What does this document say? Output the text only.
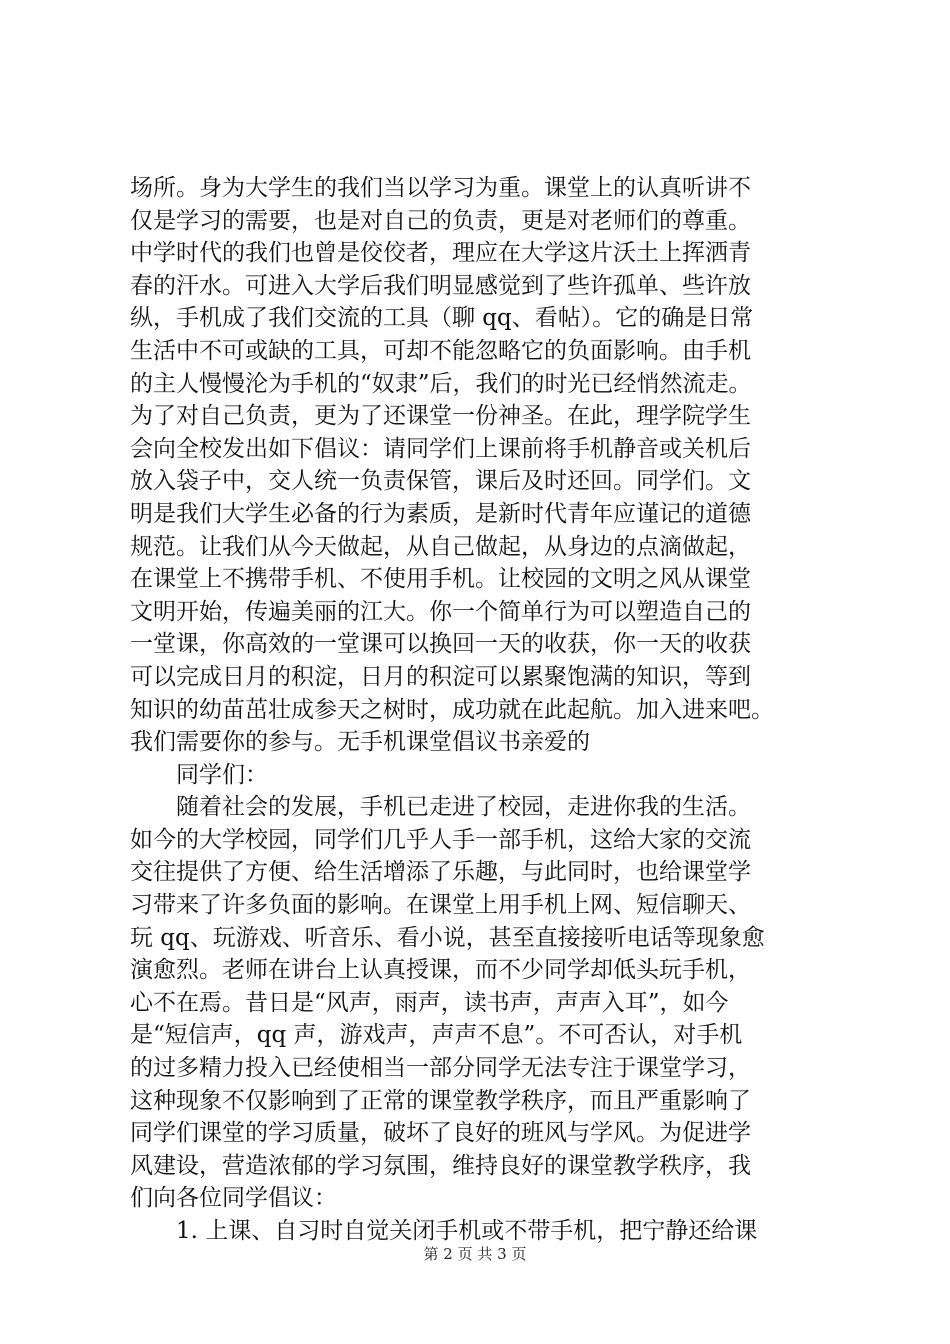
场所。身为大学生的我们当以学习为重。课堂上的认真听讲不
仅是学习的需要，也是对自己的负责，更是对老师们的尊重。
中学时代的我们也曾是佼佼者，理应在大学这片沃土上挥洒青
春的汗水。可进入大学后我们明显感觉到了些许孤单、些许放
纵，手机成了我们交流的工具（聊 qq、看帖）。它的确是日常
生活中不可或缺的工具，可却不能忽略它的负面影响。由手机
的主人慢慢沦为手机的“奴隶”后，我们的时光已经悄然流走。
为了对自己负责，更为了还课堂一份神圣。在此，理学院学生
会向全校发出如下倡议：请同学们上课前将手机静音或关机后
放入袋子中，交人统一负责保管，课后及时还回。同学们。文
明是我们大学生必备的行为素质，是新时代青年应谨记的道德
规范。让我们从今天做起，从自己做起，从身边的点滴做起，
在课堂上不携带手机、不使用手机。让校园的文明之风从课堂
文明开始，传遍美丽的江大。你一个简单行为可以塑造自己的
一堂课，你高效的一堂课可以换回一天的收获，你一天的收获
可以完成日月的积淀，日月的积淀可以累聚饱满的知识，等到
知识的幼苗茁壮成参天之树时，成功就在此起航。加入进来吧。
我们需要你的参与。无手机课堂倡议书亲爱的
同学们：
随着社会的发展，手机已走进了校园，走进你我的生活。
如今的大学校园，同学们几乎人手一部手机，这给大家的交流
交往提供了方便、给生活增添了乐趣，与此同时，也给课堂学
习带来了许多负面的影响。在课堂上用手机上网、短信聊天、
玩 qq、玩游戏、听音乐、看小说，甚至直接接听电话等现象愈
演愈烈。老师在讲台上认真授课，而不少同学却低头玩手机，
心不在焉。昔日是“风声，雨声，读书声，声声入耳”，如今
是“短信声，qq 声，游戏声，声声不息”。不可否认，对手机
的过多精力投入已经使相当一部分同学无法专注于课堂学习，
这种现象不仅影响到了正常的课堂教学秩序，而且严重影响了
同学们课堂的学习质量，破坏了良好的班风与学风。为促进学
风建设，营造浓郁的学习氛围，维持良好的课堂教学秩序，我
们向各位同学倡议：
1. 上课、自习时自觉关闭手机或不带手机，把宁静还给课
第 2 页 共 3 页
